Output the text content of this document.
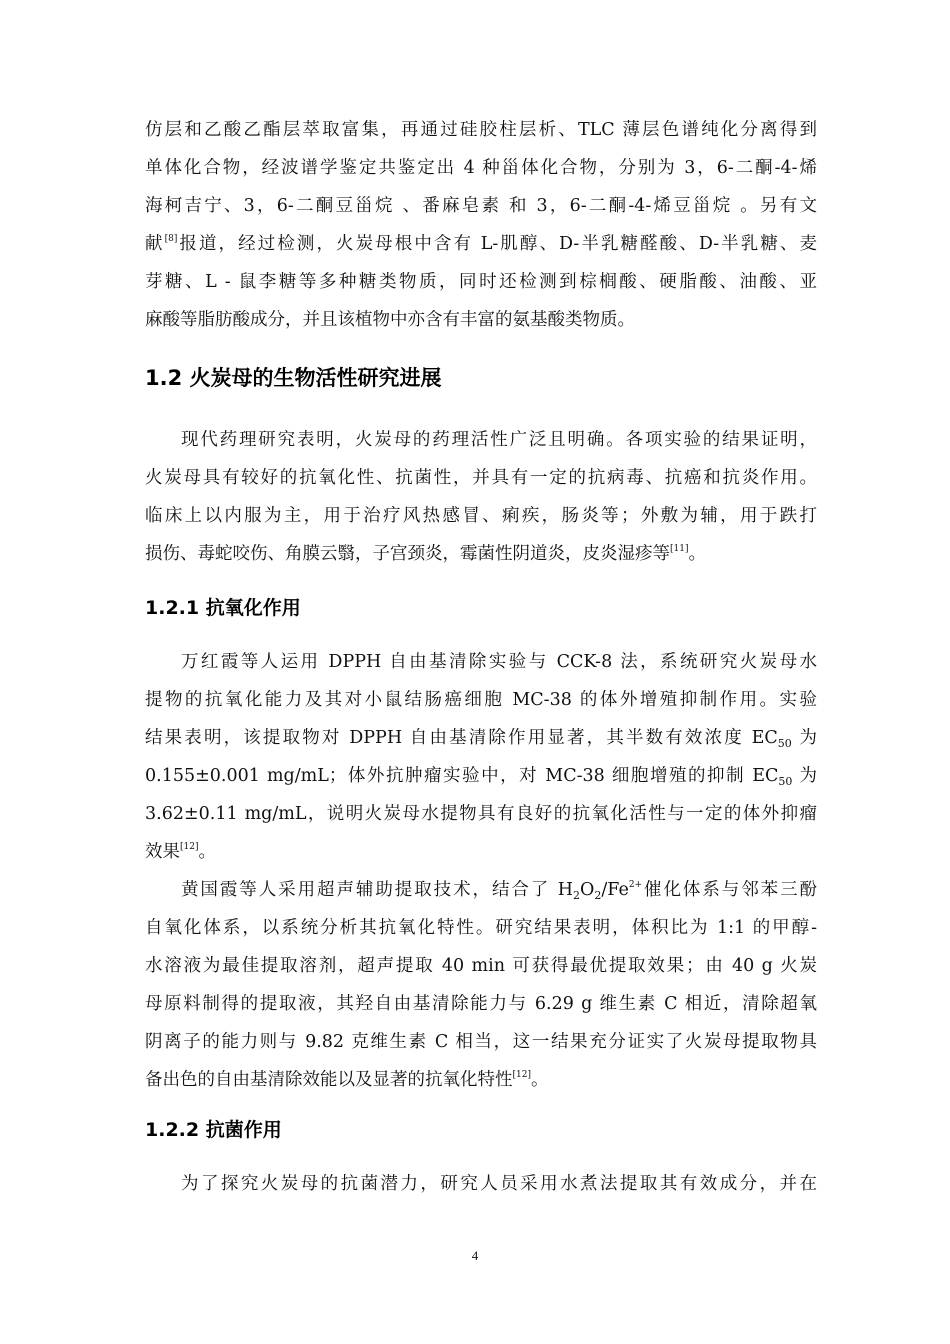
仿层和乙酸乙酯层萃取富集，再通过硅胶柱层析、TLC 薄层色谱纯化分离得到
单体化合物，经波谱学鉴定共鉴定出 4 种甾体化合物，分别为 3，6-二酮-4-烯
海柯吉宁、3，6-二酮豆甾烷 、番麻皂素 和 3，6-二酮-4-烯豆甾烷 。另有文
献[8]报道，经过检测，火炭母根中含有 L-肌醇、D-半乳糖醛酸、D-半乳糖、麦
芽糖、L - 鼠李糖等多种糖类物质，同时还检测到棕榈酸、硬脂酸、油酸、亚
麻酸等脂肪酸成分，并且该植物中亦含有丰富的氨基酸类物质。
1.2 火炭母的生物活性研究进展
现代药理研究表明，火炭母的药理活性广泛且明确。各项实验的结果证明，
火炭母具有较好的抗氧化性、抗菌性，并具有一定的抗病毒、抗癌和抗炎作用。
临床上以内服为主，用于治疗风热感冒、痢疾，肠炎等；外敷为辅，用于跌打
损伤、毒蛇咬伤、角膜云翳，子宫颈炎，霉菌性阴道炎，皮炎湿疹等[11]。
1.2.1 抗氧化作用
万红霞等人运用 DPPH 自由基清除实验与 CCK-8 法，系统研究火炭母水
提物的抗氧化能力及其对小鼠结肠癌细胞 MC-38 的体外增殖抑制作用。实验
结果表明，该提取物对 DPPH 自由基清除作用显著，其半数有效浓度 $EC_{50}$ 为
0.155±0.001 mg/mL；体外抗肿瘤实验中，对 MC-38 细胞增殖的抑制 $EC_{50}$ 为
3.62±0.11 mg/mL，说明火炭母水提物具有良好的抗氧化活性与一定的体外抑瘤
效果[12]。
黄国霞等人采用超声辅助提取技术，结合了 $H_2O_2/Fe^{2+}$催化体系与邻苯三酚
自氧化体系，以系统分析其抗氧化特性。研究结果表明，体积比为 1:1 的甲醇-
水溶液为最佳提取溶剂，超声提取 40 min 可获得最优提取效果；由 40 g 火炭
母原料制得的提取液，其羟自由基清除能力与 6.29 g 维生素 C 相近，清除超氧
阴离子的能力则与 9.82 克维生素 C 相当，这一结果充分证实了火炭母提取物具
备出色的自由基清除效能以及显著的抗氧化特性[12]。
1.2.2 抗菌作用
为了探究火炭母的抗菌潜力，研究人员采用水煮法提取其有效成分，并在
4
